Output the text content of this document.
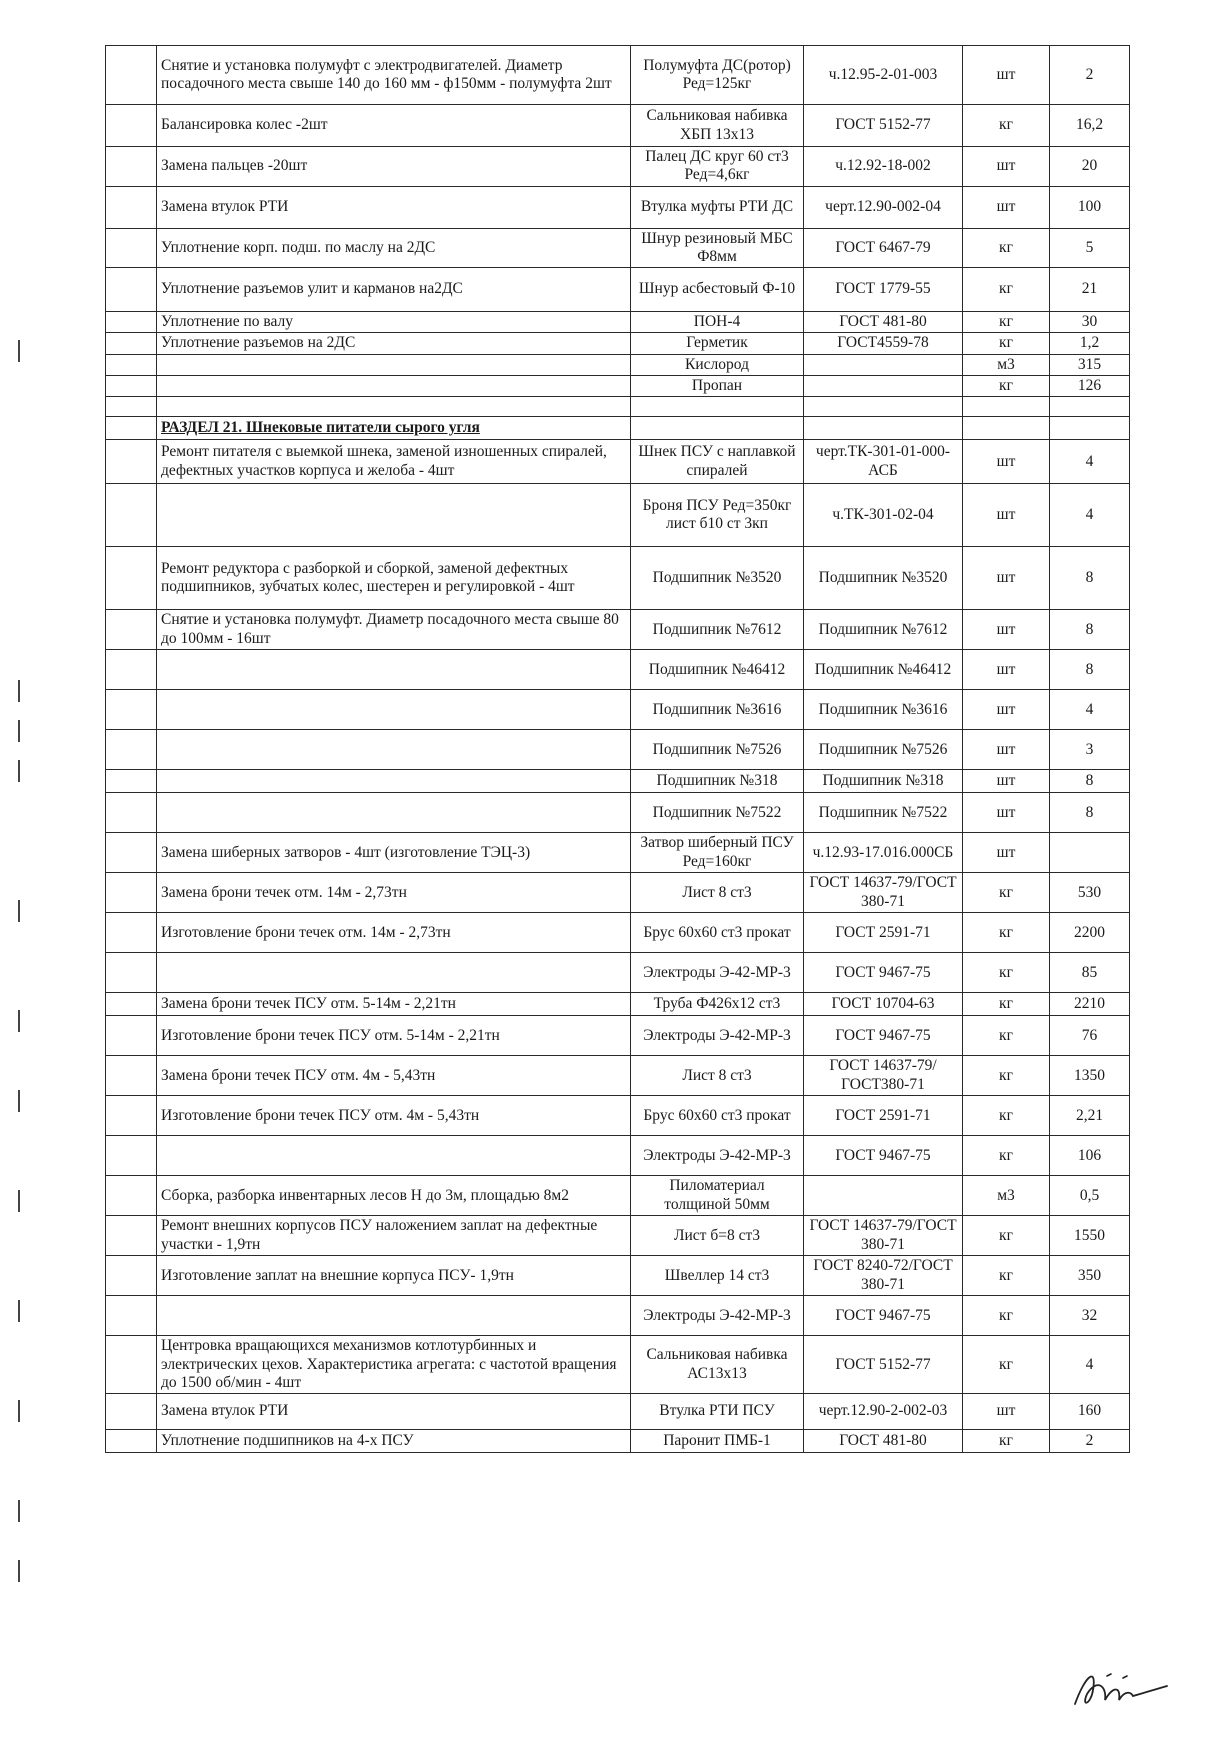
	Снятие и установка полумуфт с электродвигателей. Диаметр посадочного места свыше 140 до 160 мм - ф150мм - полумуфта 2шт	Полумуфта ДС(ротор) Ред=125кг	ч.12.95-2-01-003	шт	2
	Балансировка колес -2шт	Сальниковая набивка ХБП 13х13	ГОСТ 5152-77	кг	16,2
	Замена пальцев -20шт	Палец ДС круг 60 ст3 Ред=4,6кг	ч.12.92-18-002	шт	20
	Замена втулок РТИ	Втулка муфты РТИ ДС	черт.12.90-002-04	шт	100
	Уплотнение корп. подш. по маслу на 2ДС	Шнур резиновый МБС Ф8мм	ГОСТ 6467-79	кг	5
	Уплотнение разъемов улит и карманов на2ДС	Шнур асбестовый Ф-10	ГОСТ 1779-55	кг	21
	Уплотнение по валу	ПОН-4	ГОСТ 481-80	кг	30
	Уплотнение разъемов на 2ДС	Герметик	ГОСТ4559-78	кг	1,2
		Кислород		м3	315
		Пропан		кг	126

	РАЗДЕЛ 21. Шнековые питатели сырого угля				
	Ремонт питателя с выемкой шнека, заменой изношенных спиралей, дефектных участков корпуса и желоба - 4шт	Шнек ПСУ с наплавкой спиралей	черт.ТК-301-01-000-АСБ	шт	4
		Броня ПСУ Ред=350кг лист б10 ст 3кп	ч.ТК-301-02-04	шт	4
	Ремонт редуктора с разборкой и сборкой, заменой дефектных подшипников, зубчатых колес, шестерен и регулировкой - 4шт	Подшипник №3520	Подшипник №3520	шт	8
	Снятие и установка полумуфт. Диаметр посадочного места свыше 80 до 100мм - 16шт	Подшипник №7612	Подшипник №7612	шт	8
		Подшипник №46412	Подшипник №46412	шт	8
		Подшипник №3616	Подшипник №3616	шт	4
		Подшипник №7526	Подшипник №7526	шт	3
		Подшипник №318	Подшипник №318	шт	8
		Подшипник №7522	Подшипник №7522	шт	8
	Замена шиберных затворов - 4шт (изготовление ТЭЦ-3)	Затвор шиберный ПСУ Ред=160кг	ч.12.93-17.016.000СБ	шт	
	Замена брони течек отм. 14м - 2,73тн	Лист 8 ст3	ГОСТ 14637-79/ГОСТ 380-71	кг	530
	Изготовление брони течек отм. 14м - 2,73тн	Брус 60х60 ст3 прокат	ГОСТ 2591-71	кг	2200
		Электроды Э-42-МР-3	ГОСТ 9467-75	кг	85
	Замена брони течек ПСУ отм. 5-14м - 2,21тн	Труба Ф426х12 ст3	ГОСТ 10704-63	кг	2210
	Изготовление брони течек ПСУ отм. 5-14м - 2,21тн	Электроды Э-42-МР-3	ГОСТ 9467-75	кг	76
	Замена брони течек ПСУ отм. 4м - 5,43тн	Лист 8 ст3	ГОСТ 14637-79/ГОСТ380-71	кг	1350
	Изготовление брони течек ПСУ отм. 4м - 5,43тн	Брус 60х60 ст3 прокат	ГОСТ 2591-71	кг	2,21
		Электроды Э-42-МР-3	ГОСТ 9467-75	кг	106
	Сборка, разборка инвентарных лесов Н до 3м, площадью 8м2	Пиломатериал толщиной 50мм		м3	0,5
	Ремонт внешних корпусов ПСУ наложением заплат на дефектные участки - 1,9тн	Лист б=8 ст3	ГОСТ 14637-79/ГОСТ 380-71	кг	1550
	Изготовление заплат на внешние корпуса ПСУ- 1,9тн	Швеллер 14 ст3	ГОСТ 8240-72/ГОСТ 380-71	кг	350
		Электроды Э-42-МР-3	ГОСТ 9467-75	кг	32
	Центровка вращающихся механизмов котлотурбинных и электрических цехов. Характеристика агрегата: с частотой вращения до 1500 об/мин - 4шт	Сальниковая набивка АС13х13	ГОСТ 5152-77	кг	4
	Замена втулок РТИ	Втулка РТИ ПСУ	черт.12.90-2-002-03	шт	160
	Уплотнение подшипников на 4-х ПСУ	Паронит ПМБ-1	ГОСТ 481-80	кг	2
